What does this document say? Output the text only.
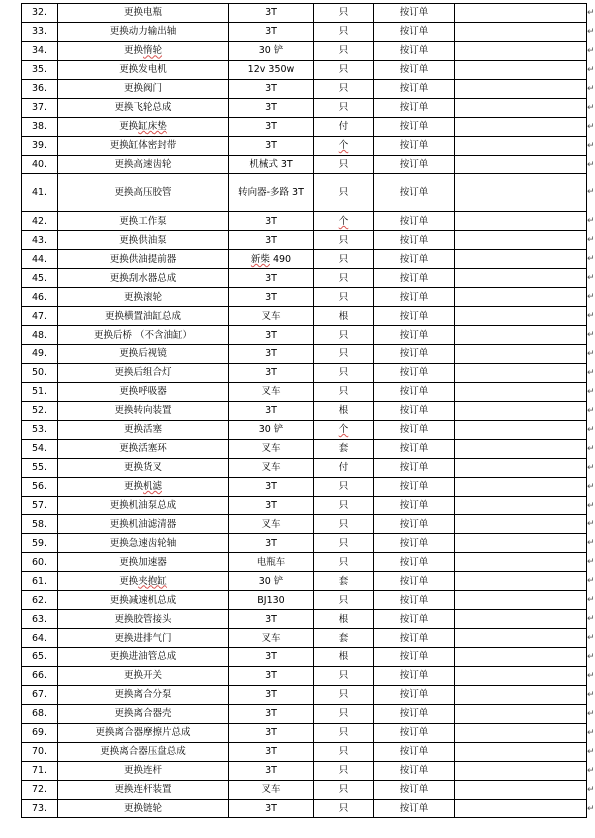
32.	更换电瓶	3T	只	按订单	
33.	更换动力输出轴	3T	只	按订单	
34.	更换惰轮	30 铲	只	按订单	
35.	更换发电机	12v 350w	只	按订单	
36.	更换阀门	3T	只	按订单	
37.	更换飞轮总成	3T	只	按订单	
38.	更换缸床垫	3T	付	按订单	
39.	更换缸体密封带	3T	个	按订单	
40.	更换高速齿轮	机械式 3T	只	按订单	
41.	更换高压胶管	转向器-多路 3T	只	按订单	
42.	更换工作泵	3T	个	按订单	
43.	更换供油泵	3T	只	按订单	
44.	更换供油提前器	新柴 490	只	按订单	
45.	更换刮水器总成	3T	只	按订单	
46.	更换滚轮	3T	只	按订单	
47.	更换横置油缸总成	叉车	根	按订单	
48.	更换后桥 （不含油缸）	3T	只	按订单	
49.	更换后视镜	3T	只	按订单	
50.	更换后组合灯	3T	只	按订单	
51.	更换呼吸器	叉车	只	按订单	
52.	更换转向装置	3T	根	按订单	
53.	更换活塞	30 铲	个	按订单	
54.	更换活塞环	叉车	套	按订单	
55.	更换货叉	叉车	付	按订单	
56.	更换机滤	3T	只	按订单	
57.	更换机油泵总成	3T	只	按订单	
58.	更换机油滤清器	叉车	只	按订单	
59.	更换急速齿轮轴	3T	只	按订单	
60.	更换加速器	电瓶车	只	按订单	
61.	更换夹抱缸	30 铲	套	按订单	
62.	更换减速机总成	BJ130	只	按订单	
63.	更换胶管接头	3T	根	按订单	
64.	更换进排气门	叉车	套	按订单	
65.	更换进油管总成	3T	根	按订单	
66.	更换开关	3T	只	按订单	
67.	更换离合分泵	3T	只	按订单	
68.	更换离合器壳	3T	只	按订单	
69.	更换离合器摩擦片总成	3T	只	按订单	
70.	更换离合器压盘总成	3T	只	按订单	
71.	更换连杆	3T	只	按订单	
72.	更换连杆装置	叉车	只	按订单	
73.	更换链轮	3T	只	按订单	
↵
↵
↵
↵
↵
↵
↵
↵
↵
↵
↵
↵
↵
↵
↵
↵
↵
↵
↵
↵
↵
↵
↵
↵
↵
↵
↵
↵
↵
↵
↵
↵
↵
↵
↵
↵
↵
↵
↵
↵
↵
↵
